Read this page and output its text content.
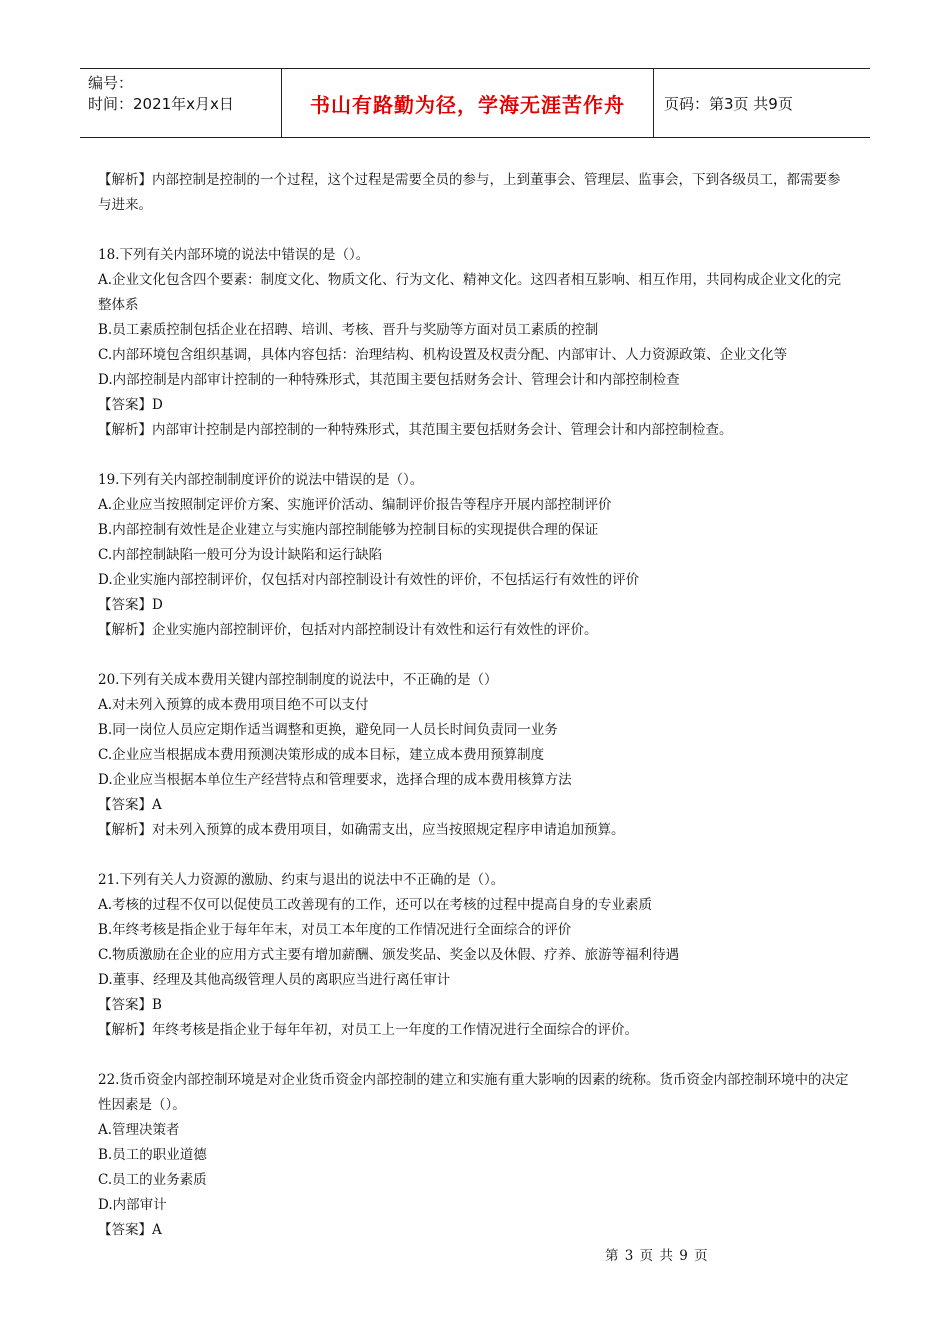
编号：
时间：2021年x月x日	书山有路勤为径，学海无涯苦作舟	页码：第3页 共9页

【解析】内部控制是控制的一个过程，这个过程是需要全员的参与，上到董事会、管理层、监事会，下到各级员工，都需要参与进来。

18.下列有关内部环境的说法中错误的是（）。

A.企业文化包含四个要素：制度文化、物质文化、行为文化、精神文化。这四者相互影响、相互作用，共同构成企业文化的完整体系

B.员工素质控制包括企业在招聘、培训、考核、晋升与奖励等方面对员工素质的控制

C.内部环境包含组织基调，具体内容包括：治理结构、机构设置及权责分配、内部审计、人力资源政策、企业文化等

D.内部控制是内部审计控制的一种特殊形式，其范围主要包括财务会计、管理会计和内部控制检查

【答案】D

【解析】内部审计控制是内部控制的一种特殊形式，其范围主要包括财务会计、管理会计和内部控制检查。

19.下列有关内部控制制度评价的说法中错误的是（）。

A.企业应当按照制定评价方案、实施评价活动、编制评价报告等程序开展内部控制评价

B.内部控制有效性是企业建立与实施内部控制能够为控制目标的实现提供合理的保证

C.内部控制缺陷一般可分为设计缺陷和运行缺陷

D.企业实施内部控制评价，仅包括对内部控制设计有效性的评价，不包括运行有效性的评价

【答案】D

【解析】企业实施内部控制评价，包括对内部控制设计有效性和运行有效性的评价。

20.下列有关成本费用关键内部控制制度的说法中，不正确的是（）

A.对未列入预算的成本费用项目绝不可以支付

B.同一岗位人员应定期作适当调整和更换，避免同一人员长时间负责同一业务

C.企业应当根据成本费用预测决策形成的成本目标，建立成本费用预算制度

D.企业应当根据本单位生产经营特点和管理要求，选择合理的成本费用核算方法

【答案】A

【解析】对未列入预算的成本费用项目，如确需支出，应当按照规定程序申请追加预算。

21.下列有关人力资源的激励、约束与退出的说法中不正确的是（）。

A.考核的过程不仅可以促使员工改善现有的工作，还可以在考核的过程中提高自身的专业素质

B.年终考核是指企业于每年年末，对员工本年度的工作情况进行全面综合的评价

C.物质激励在企业的应用方式主要有增加薪酬、颁发奖品、奖金以及休假、疗养、旅游等福利待遇

D.董事、经理及其他高级管理人员的离职应当进行离任审计

【答案】B

【解析】年终考核是指企业于每年年初，对员工上一年度的工作情况进行全面综合的评价。

22.货币资金内部控制环境是对企业货币资金内部控制的建立和实施有重大影响的因素的统称。货币资金内部控制环境中的决定性因素是（）。

A.管理决策者

B.员工的职业道德

C.员工的业务素质

D.内部审计

【答案】A

第 3 页 共 9 页
